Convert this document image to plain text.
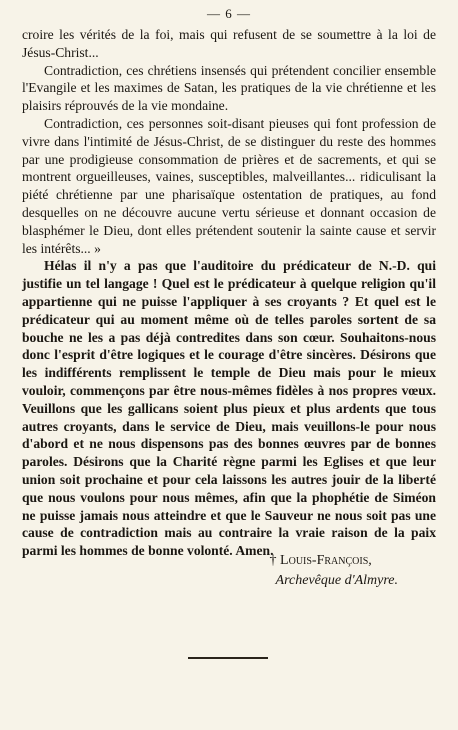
— 6 —

croire les vérités de la foi, mais qui refusent de se soumettre à la loi de Jésus-Christ...

Contradiction, ces chrétiens insensés qui prétendent concilier ensemble l'Evangile et les maximes de Satan, les pratiques de la vie chrétienne et les plaisirs réprouvés de la vie mondaine.

Contradiction, ces personnes soit-disant pieuses qui font profession de vivre dans l'intimité de Jésus-Christ, de se distinguer du reste des hommes par une prodigieuse consommation de prières et de sacrements, et qui se montrent orgueilleuses, vaines, susceptibles, malveillantes... ridiculisant la piété chrétienne par une pharisaïque ostentation de pratiques, au fond desquelles on ne découvre aucune vertu sérieuse et donnant occasion de blasphémer le Dieu, dont elles prétendent soutenir la sainte cause et servir les intérêts... »

Hélas il n'y a pas que l'auditoire du prédicateur de N.-D. qui justifie un tel langage ! Quel est le prédicateur à quelque religion qu'il appartienne qui ne puisse l'appliquer à ses croyants ? Et quel est le prédicateur qui au moment même où de telles paroles sortent de sa bouche ne les a pas déjà contredites dans son cœur. Souhaitons-nous donc l'esprit d'être logiques et le courage d'être sincères. Désirons que les indifférents remplissent le temple de Dieu mais pour le mieux vouloir, commençons par être nous-mêmes fidèles à nos propres vœux. Veuillons que les gallicans soient plus pieux et plus ardents que tous autres croyants, dans le service de Dieu, mais veuillons-le pour nous d'abord et ne nous dispensons pas des bonnes œuvres par de bonnes paroles. Désirons que la Charité règne parmi les Eglises et que leur union soit prochaine et pour cela laissons les autres jouir de la liberté que nous voulons pour nous mêmes, afin que la phophétie de Siméon ne puisse jamais nous atteindre et que le Sauveur ne nous soit pas une cause de contradiction mais au contraire la vraie raison de la paix parmi les hommes de bonne volonté. Amen.

† Louis-François,
Archevêque d'Almyre.
